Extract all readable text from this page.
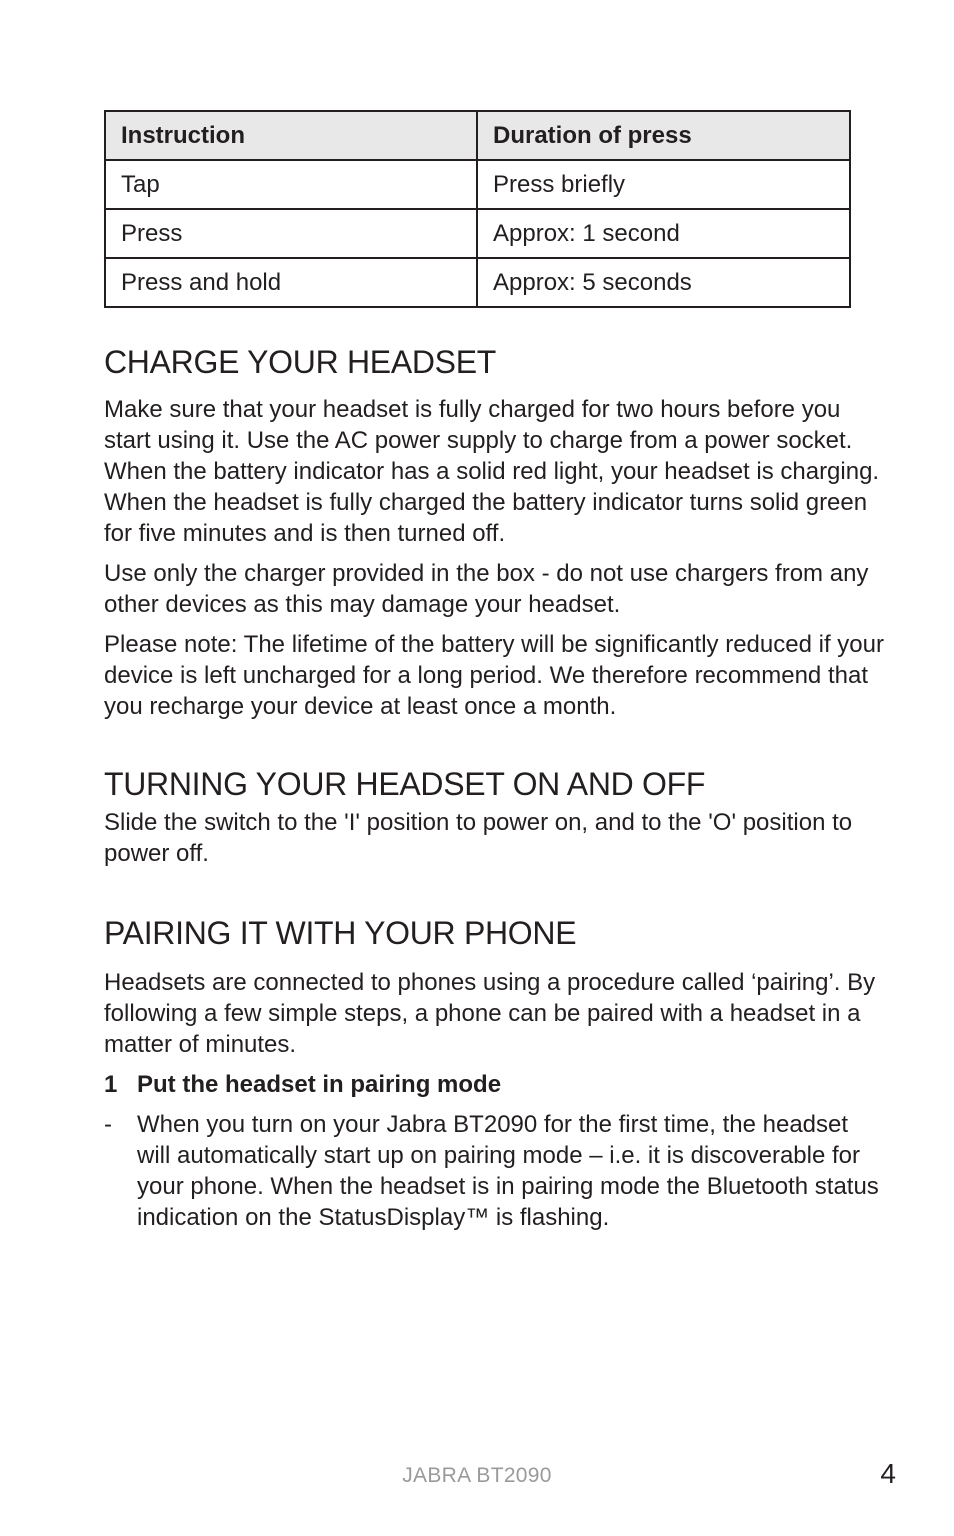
Instruction	Duration of press
Tap	Press briefly
Press	Approx: 1 second
Press and hold	Approx: 5 seconds
CHARGE YOUR HEADSET

Make sure that your headset is fully charged for two hours before you start using it. Use the AC power supply to charge from a power socket. When the battery indicator has a solid red light, your headset is charging. When the headset is fully charged the battery indicator turns solid green for five minutes and is then turned off.

Use only the charger provided in the box - do not use chargers from any other devices as this may damage your headset.

Please note: The lifetime of the battery will be significantly reduced if your device is left uncharged for a long period. We therefore recommend that you recharge your device at least once a month.

TURNING YOUR HEADSET ON AND OFF

Slide the switch to the 'I' position to power on, and to the 'O' position to power off.

PAIRING IT WITH YOUR PHONE

Headsets are connected to phones using a procedure called ‘pairing’. By following a few simple steps, a phone can be paired with a headset in a matter of minutes.

1 Put the headset in pairing mode
-	When you turn on your Jabra BT2090 for the first time, the headset will automatically start up on pairing mode – i.e. it is discoverable for your phone. When the headset is in pairing mode the Bluetooth status indication on the StatusDisplay™ is flashing.
JABRA BT2090	4
